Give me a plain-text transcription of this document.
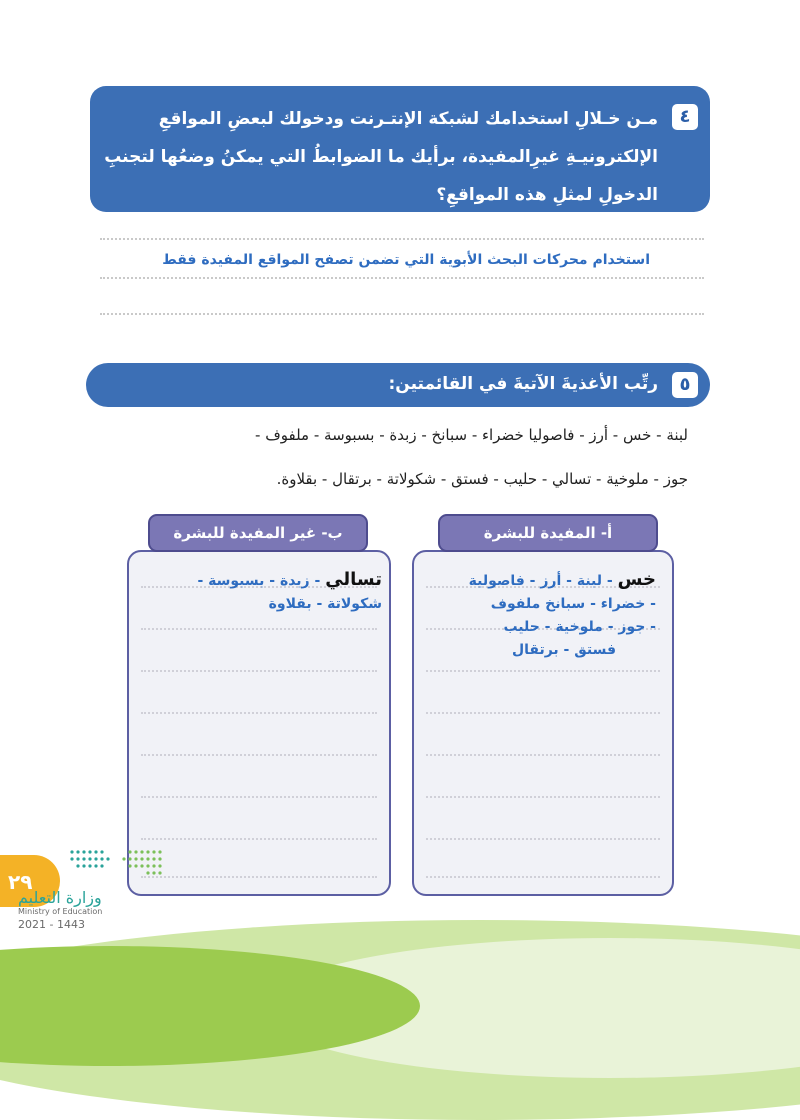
٤
مـن خـلالِ استخدامك لشبكة الإنتـرنت ودخولك لبعضِ المواقعِ الإلكترونيـةِ غيرِالمفيدة، برأيك ما الضوابطُ التي يمكنُ وضعُها لتجنبِ الدخولِ لمثلِ هذه المواقعِ؟
استخدام محركات البحث الأبوية التي تضمن تصفح المواقع المفيدة فقط
٥
رتِّب الأغذيةَ الآتيةَ في القائمتين:
لبنة - خس - أرز - فاصوليا خضراء - سبانخ - زبدة - بسبوسة - ملفوف -
جوز - ملوخية - تسالي - حليب - فستق - شكولاتة - برتقال - بقلاوة.
ب- غير المفيدة للبشرة
تسالي - زبدة - بسبوسة -
شكولاتة - بقلاوة
أ- المفيدة للبشرة
خس - لبنة - أرز - فاصولية
- خضراء - سبانخ ملفوف
- جوز - ملوخية - حليب
فستق - برتقال
٢٩
وزارة التعليم
Ministry of Education
2021 - 1443
